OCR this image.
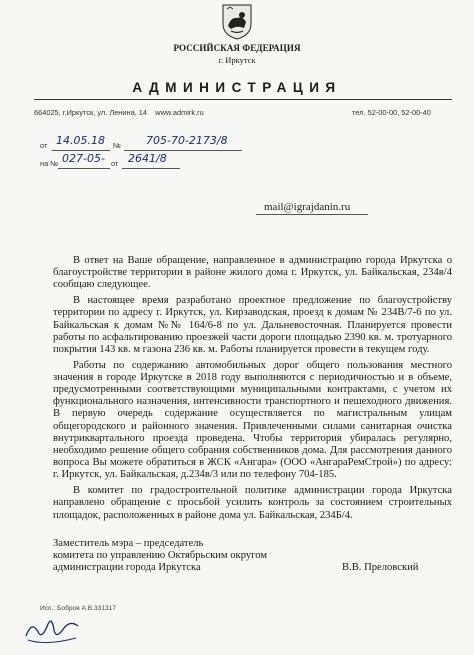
РОССИЙСКАЯ ФЕДЕРАЦИЯ
г. Иркутск
АДМИНИСТРАЦИЯ
664025, г.Иркутск, ул. Ленина, 14 www.admirk.ru	тел. 52-00-00, 52-00-40
от 14.05.18 № 705-70-2173/8
на № 027-05- от 2641/8
mail@igrajdanin.ru

В ответ на Ваше обращение, направленное в администрацию города Иркутска о благоустройстве территории в районе жилого дома г. Иркутск, ул. Байкальская, 234в/4 сообщаю следующее.

В настоящее время разработано проектное предложение по благоустройству территории по адресу г. Иркутск, ул. Кирзаводская, проезд к домам № 234В/7-6 по ул. Байкальская к домам №№ 164/6-8 по ул. Дальневосточная. Планируется провести работы по асфальтированию проезжей части дороги площадью 2390 кв. м. тротуарного покрытия 143 кв. м газона 236 кв. м. Работы планируется провести в текущем году.

Работы по содержанию автомобильных дорог общего пользования местного значения в городе Иркутске в 2018 году выполняются с периодичностью и в объеме, предусмотренными соответствующими муниципальными контрактами, с учетом их функционального назначения, интенсивности транспортного и пешеходного движения. В первую очередь содержание осуществляется по магистральным улицам общегородского и районного значения. Привлеченными силами санитарная очистка внутриквартального проезда проведена. Чтобы территория убиралась регулярно, необходимо решение общего собрания собственников дома. Для рассмотрения данного вопроса Вы можете обратиться в ЖСК «Ангара» (ООО «АнгараРемСтрой») по адресу: г. Иркутск, ул. Байкальская, д.234в/3 или по телефону 704-185.

В комитет по градостроительной политике администрации города Иркутска направлено обращение с просьбой усилить контроль за состоянием строительных площадок, расположенных в районе дома ул. Байкальская, 234Б/4.

Заместитель мэра – председатель
комитета по управлению Октябрьским округом
администрации города Иркутска	В.В. Преловский
Исп.: Бобров А.В.331317
